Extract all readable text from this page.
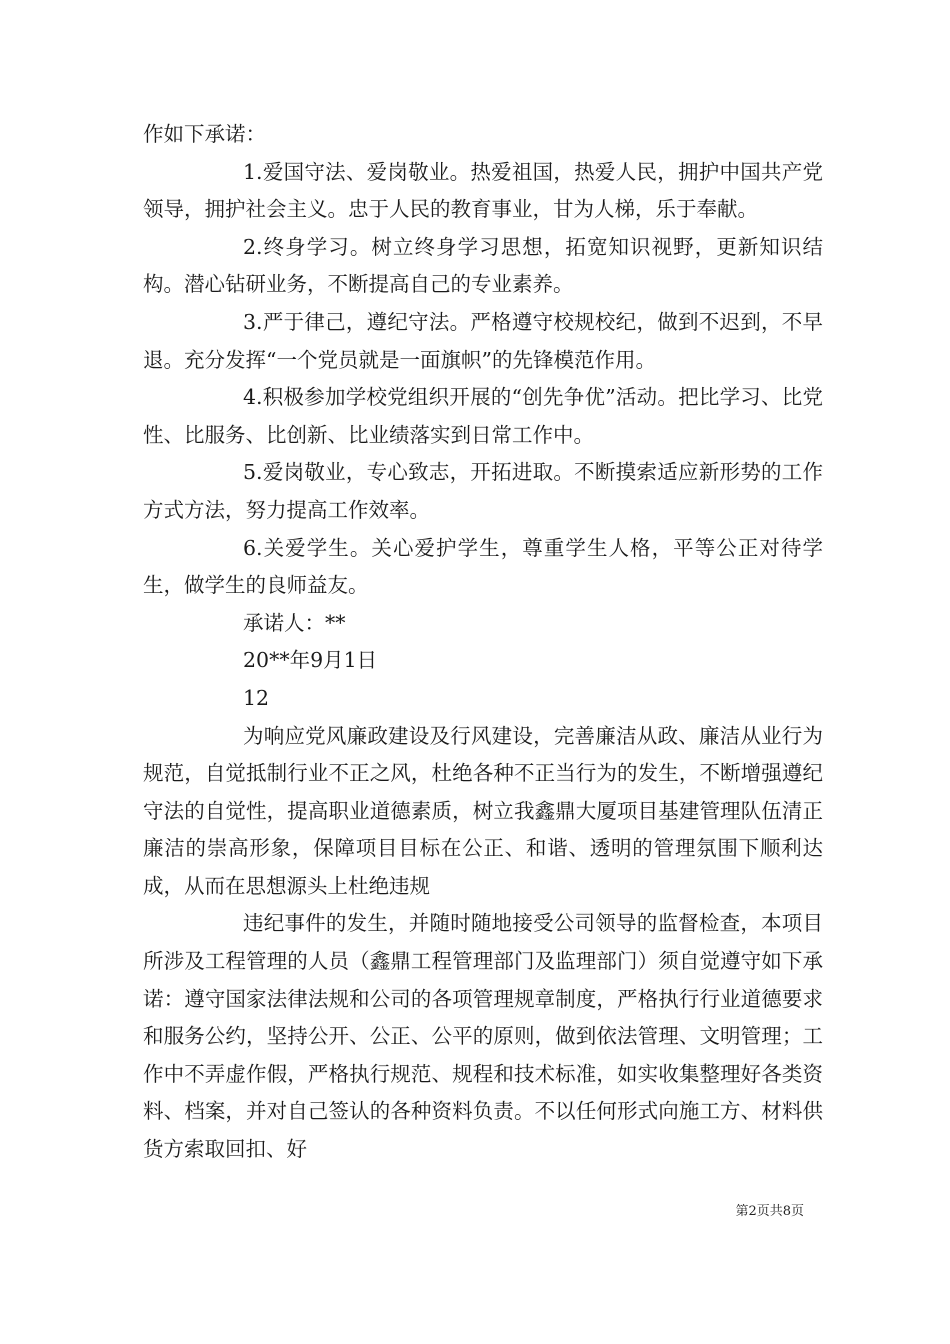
作如下承诺：

1.爱国守法、爱岗敬业。热爱祖国，热爱人民，拥护中国共产党领导，拥护社会主义。忠于人民的教育事业，甘为人梯，乐于奉献。

2.终身学习。树立终身学习思想，拓宽知识视野，更新知识结构。潜心钻研业务，不断提高自己的专业素养。

3.严于律己，遵纪守法。严格遵守校规校纪，做到不迟到，不早退。充分发挥“一个党员就是一面旗帜”的先锋模范作用。

4.积极参加学校党组织开展的“创先争优”活动。把比学习、比党性、比服务、比创新、比业绩落实到日常工作中。

5.爱岗敬业，专心致志，开拓进取。不断摸索适应新形势的工作方式方法，努力提高工作效率。

6.关爱学生。关心爱护学生，尊重学生人格，平等公正对待学生，做学生的良师益友。

承诺人：**

20**年9月1日

12

为响应党风廉政建设及行风建设，完善廉洁从政、廉洁从业行为规范，自觉抵制行业不正之风，杜绝各种不正当行为的发生，不断增强遵纪守法的自觉性，提高职业道德素质，树立我鑫鼎大厦项目基建管理队伍清正廉洁的崇高形象，保障项目目标在公正、和谐、透明的管理氛围下顺利达成，从而在思想源头上杜绝违规

违纪事件的发生，并随时随地接受公司领导的监督检查，本项目所涉及工程管理的人员（鑫鼎工程管理部门及监理部门）须自觉遵守如下承诺：遵守国家法律法规和公司的各项管理规章制度，严格执行行业道德要求和服务公约，坚持公开、公正、公平的原则，做到依法管理、文明管理；工作中不弄虚作假，严格执行规范、规程和技术标准，如实收集整理好各类资料、档案，并对自己签认的各种资料负责。不以任何形式向施工方、材料供货方索取回扣、好

第2页共8页
